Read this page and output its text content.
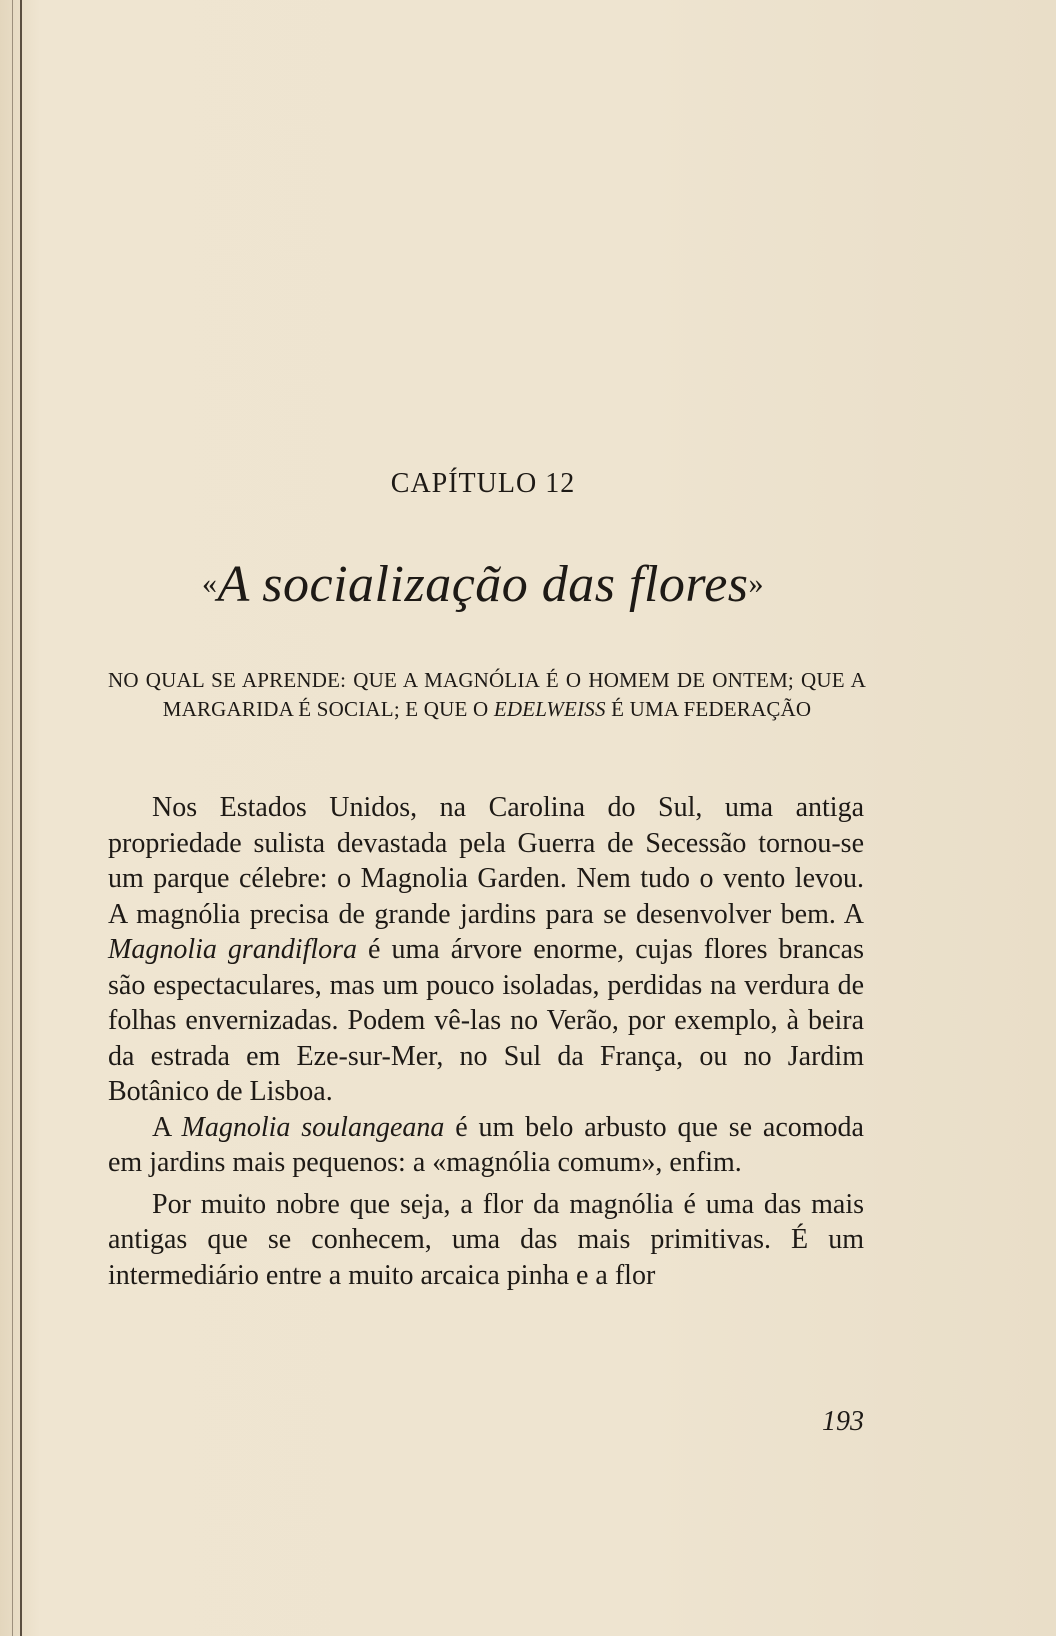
CAPÍTULO 12
«A socialização das flores»
NO QUAL SE APRENDE: QUE A MAGNÓLIA É O HOMEM DE ONTEM; QUE A MARGARIDA É SOCIAL; E QUE O EDELWEISS É UMA FEDERAÇÃO

Nos Estados Unidos, na Carolina do Sul, uma antiga propriedade sulista devastada pela Guerra de Secessão tornou-se um parque célebre: o Magnolia Garden. Nem tudo o vento levou. A magnólia precisa de grande jardins para se desenvolver bem. A Magnolia grandiflora é uma árvore enorme, cujas flores brancas são espectaculares, mas um pouco isoladas, perdidas na verdura de folhas envernizadas. Podem vê-las no Verão, por exemplo, à beira da estrada em Eze-sur-Mer, no Sul da França, ou no Jardim Botânico de Lisboa.

A Magnolia soulangeana é um belo arbusto que se acomoda em jardins mais pequenos: a «magnólia comum», enfim.

Por muito nobre que seja, a flor da magnólia é uma das mais antigas que se conhecem, uma das mais primitivas. É um intermediário entre a muito arcaica pinha e a flor

193
